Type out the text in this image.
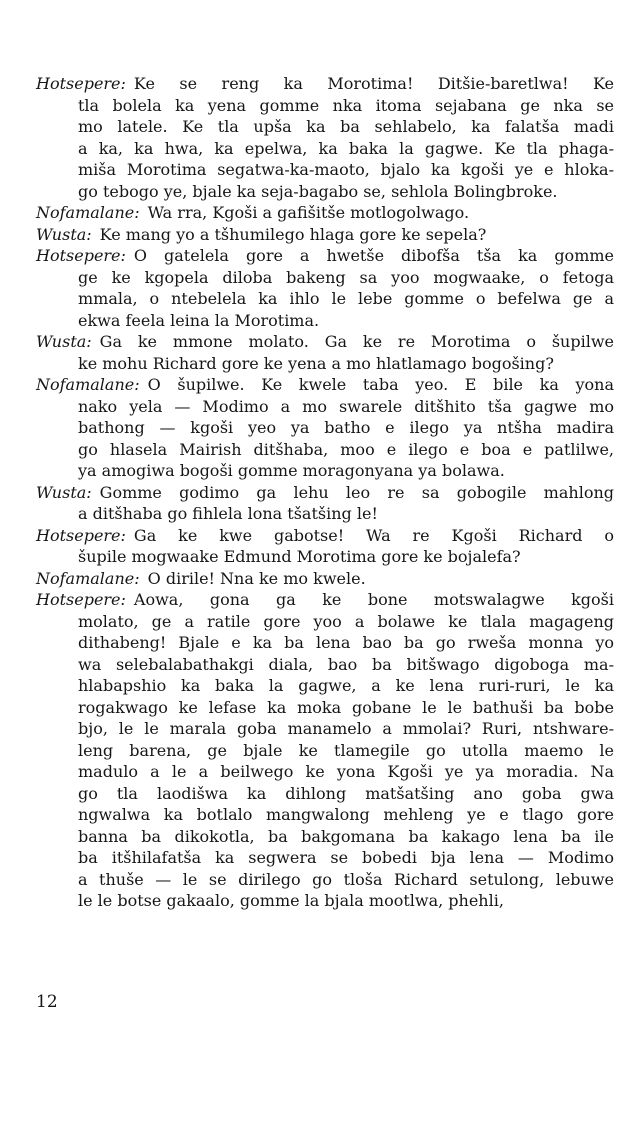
Hotsepere: Ke se reng ka Morotima! Ditšie-baretlwa! Ke
tla bolela ka yena gomme nka itoma sejabana ge nka se
mo latele. Ke tla upša ka ba sehlabelo, ka falatša madi
a ka, ka hwa, ka epelwa, ka baka la gagwe. Ke tla phaga-
miša Morotima segatwa-ka-maoto, bjalo ka kgoši ye e hloka-
go tebogo ye, bjale ka seja-bagabo se, sehlola Bolingbroke.
Nofamalane: Wa rra, Kgoši a gafišitše motlogolwago.
Wusta: Ke mang yo a tšhumilego hlaga gore ke sepela?
Hotsepere: O gatelela gore a hwetše dibofša tša ka gomme
ge ke kgopela diloba bakeng sa yoo mogwaake, o fetoga
mmala, o ntebelela ka ihlo le lebe gomme o befelwa ge a
ekwa feela leina la Morotima.
Wusta: Ga ke mmone molato. Ga ke re Morotima o šupilwe
ke mohu Richard gore ke yena a mo hlatlamago bogošing?
Nofamalane: O šupilwe. Ke kwele taba yeo. E bile ka yona
nako yela — Modimo a mo swarele ditšhito tša gagwe mo
bathong — kgoši yeo ya batho e ilego ya ntšha madira
go hlasela Mairish ditšhaba, moo e ilego e boa e patlilwe,
ya amogiwa bogoši gomme moragonyana ya bolawa.
Wusta: Gomme godimo ga lehu leo re sa gobogile mahlong
a ditšhaba go fihlela lona tšatšing le!
Hotsepere: Ga ke kwe gabotse! Wa re Kgoši Richard o
šupile mogwaake Edmund Morotima gore ke bojalefa?
Nofamalane: O dirile! Nna ke mo kwele.
Hotsepere: Aowa, gona ga ke bone motswalagwe kgoši
molato, ge a ratile gore yoo a bolawe ke tlala magageng
dithabeng! Bjale e ka ba lena bao ba go rweša monna yo
wa selebalabathakgi diala, bao ba bitšwago digoboga ma-
hlabapshio ka baka la gagwe, a ke lena ruri-ruri, le ka
rogakwago ke lefase ka moka gobane le le bathuši ba bobe
bjo, le le marala goba manamelo a mmolai? Ruri, ntshware-
leng barena, ge bjale ke tlamegile go utolla maemo le
madulo a le a beilwego ke yona Kgoši ye ya moradia. Na
go tla laodišwa ka dihlong matšatšing ano goba gwa
ngwalwa ka botlalo mangwalong mehleng ye e tlago gore
banna ba dikokotla, ba bakgomana ba kakago lena ba ile
ba itšhilafatša ka segwera se bobedi bja lena — Modimo
a thuše — le se dirilego go tloša Richard setulong, lebuwe
le le botse gakaalo, gomme la bjala mootlwa, phehli,
12
